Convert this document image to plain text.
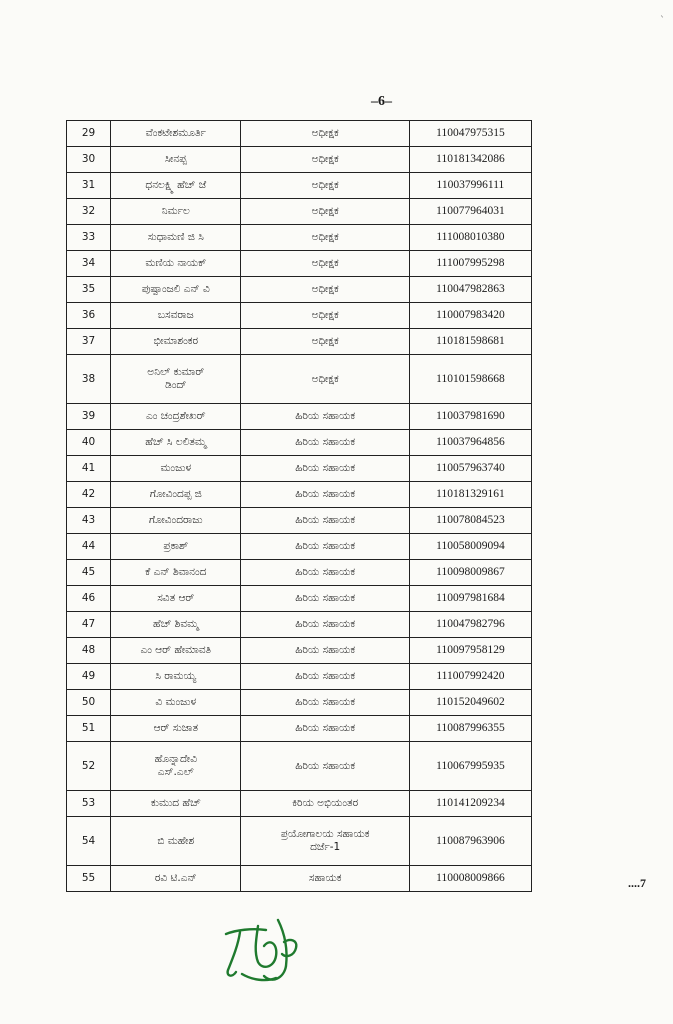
ˋ
–6–
29	ವೆಂಕಟೇಶಮೂರ್ತಿ	ಅಧೀಕ್ಷಕ	110047975315
30	ಸೀನಪ್ಪ	ಅಧೀಕ್ಷಕ	110181342086
31	ಧನಲಕ್ಷ್ಮಿ ಹೆಚ್ ಜೆ	ಅಧೀಕ್ಷಕ	110037996111
32	ನಿರ್ಮಲ	ಅಧೀಕ್ಷಕ	110077964031
33	ಸುಧಾಮಣಿ ಜಿ ಸಿ	ಅಧೀಕ್ಷಕ	111008010380
34	ಮಣಿಯ ನಾಯಕ್	ಅಧೀಕ್ಷಕ	111007995298
35	ಪುಷ್ಪಾಂಜಲಿ ಎನ್ ವಿ	ಅಧೀಕ್ಷಕ	110047982863
36	ಬಸವರಾಜ	ಅಧೀಕ್ಷಕ	110007983420
37	ಭೀಮಾಶಂಕರ	ಅಧೀಕ್ಷಕ	110181598681
38	ಅನಿಲ್ ಕುಮಾರ್
ಡಿಂದ್	ಅಧೀಕ್ಷಕ	110101598668
39	ಎಂ ಚಂದ್ರಶೇಖರ್	ಹಿರಿಯ ಸಹಾಯಕ	110037981690
40	ಹೆಚ್ ಸಿ ಲಲಿತಮ್ಮ	ಹಿರಿಯ ಸಹಾಯಕ	110037964856
41	ಮಂಜುಳ	ಹಿರಿಯ ಸಹಾಯಕ	110057963740
42	ಗೋವಿಂದಪ್ಪ ಜಿ	ಹಿರಿಯ ಸಹಾಯಕ	110181329161
43	ಗೋವಿಂದರಾಜು	ಹಿರಿಯ ಸಹಾಯಕ	110078084523
44	ಪ್ರಕಾಶ್	ಹಿರಿಯ ಸಹಾಯಕ	110058009094
45	ಕೆ ಎನ್ ಶಿವಾನಂದ	ಹಿರಿಯ ಸಹಾಯಕ	110098009867
46	ಸವಿತ ಆರ್	ಹಿರಿಯ ಸಹಾಯಕ	110097981684
47	ಹೆಚ್ ಶಿವಮ್ಮ	ಹಿರಿಯ ಸಹಾಯಕ	110047982796
48	ಎಂ ಆರ್ ಹೇಮಾವತಿ	ಹಿರಿಯ ಸಹಾಯಕ	110097958129
49	ಸಿ ರಾಮಯ್ಯ	ಹಿರಿಯ ಸಹಾಯಕ	111007992420
50	ವಿ ಮಂಜುಳ	ಹಿರಿಯ ಸಹಾಯಕ	110152049602
51	ಆರ್ ಸುಜಾತ	ಹಿರಿಯ ಸಹಾಯಕ	110087996355
52	ಹೊನ್ನಾದೇವಿ
ಎಸ್.ಎಲ್	ಹಿರಿಯ ಸಹಾಯಕ	110067995935
53	ಕುಮುದ ಹೆಚ್	ಕಿರಿಯ ಅಭಿಯಂತರ	110141209234
54	ಬಿ ಮಹೇಶ	ಪ್ರಯೋಗಾಲಯ ಸಹಾಯಕ
ದರ್ಜೆ-1	110087963906
55	ರವಿ ಟಿ.ಎನ್	ಸಹಾಯಕ	110008009866	....7
